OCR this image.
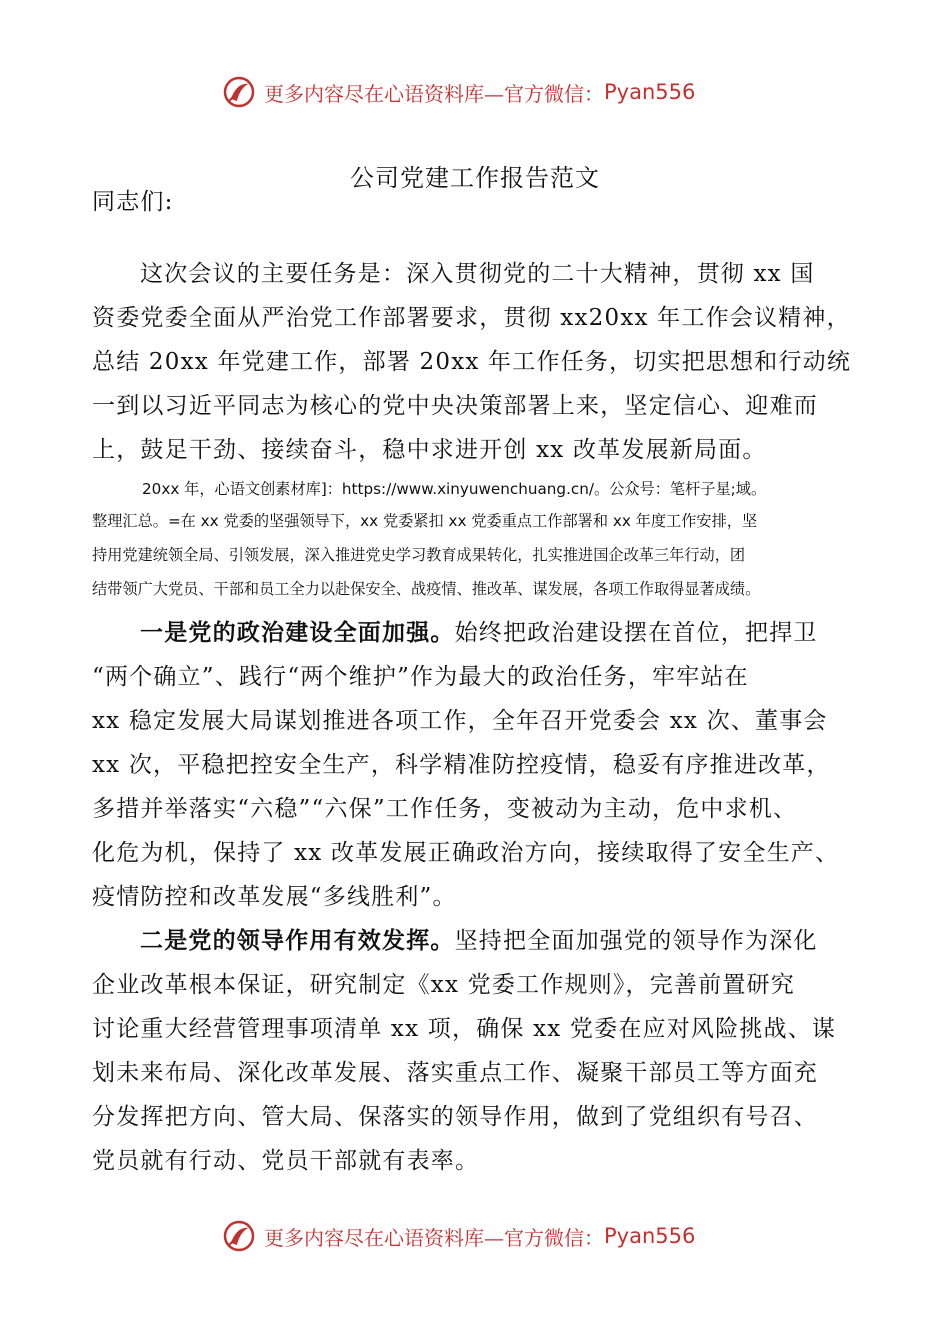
更多内容尽在心语资料库—官方微信： Pyan556
公司党建工作报告范文
同志们:
这次会议的主要任务是：深入贯彻党的二十大精神，贯彻 xx 国
资委党委全面从严治党工作部署要求，贯彻 xx20xx 年工作会议精神，
总结 20xx 年党建工作，部署 20xx 年工作任务，切实把思想和行动统
一到以习近平同志为核心的党中央决策部署上来，坚定信心、迎难而
上，鼓足干劲、接续奋斗，稳中求进开创 xx 改革发展新局面。
20xx 年，心语文创素材库]：https://www.xinyuwenchuang.cn/。公众号：笔杆子星;域。
整理汇总。=在 xx 党委的坚强领导下，xx 党委紧扣 xx 党委重点工作部署和 xx 年度工作安排，坚
持用党建统领全局、引领发展，深入推进党史学习教育成果转化，扎实推进国企改革三年行动，团
结带领广大党员、干部和员工全力以赴保安全、战疫情、推改革、谋发展，各项工作取得显著成绩。
一是党的政治建设全面加强。始终把政治建设摆在首位，把捍卫
“两个确立”、践行“两个维护”作为最大的政治任务，牢牢站在
xx 稳定发展大局谋划推进各项工作，全年召开党委会 xx 次、董事会
xx 次，平稳把控安全生产，科学精准防控疫情，稳妥有序推进改革，
多措并举落实“六稳”“六保”工作任务，变被动为主动，危中求机、
化危为机，保持了 xx 改革发展正确政治方向，接续取得了安全生产、
疫情防控和改革发展“多线胜利”。
二是党的领导作用有效发挥。坚持把全面加强党的领导作为深化
企业改革根本保证，研究制定《xx 党委工作规则》，完善前置研究
讨论重大经营管理事项清单 xx 项，确保 xx 党委在应对风险挑战、谋
划未来布局、深化改革发展、落实重点工作、凝聚干部员工等方面充
分发挥把方向、管大局、保落实的领导作用，做到了党组织有号召、
党员就有行动、党员干部就有表率。
更多内容尽在心语资料库—官方微信： Pyan556
